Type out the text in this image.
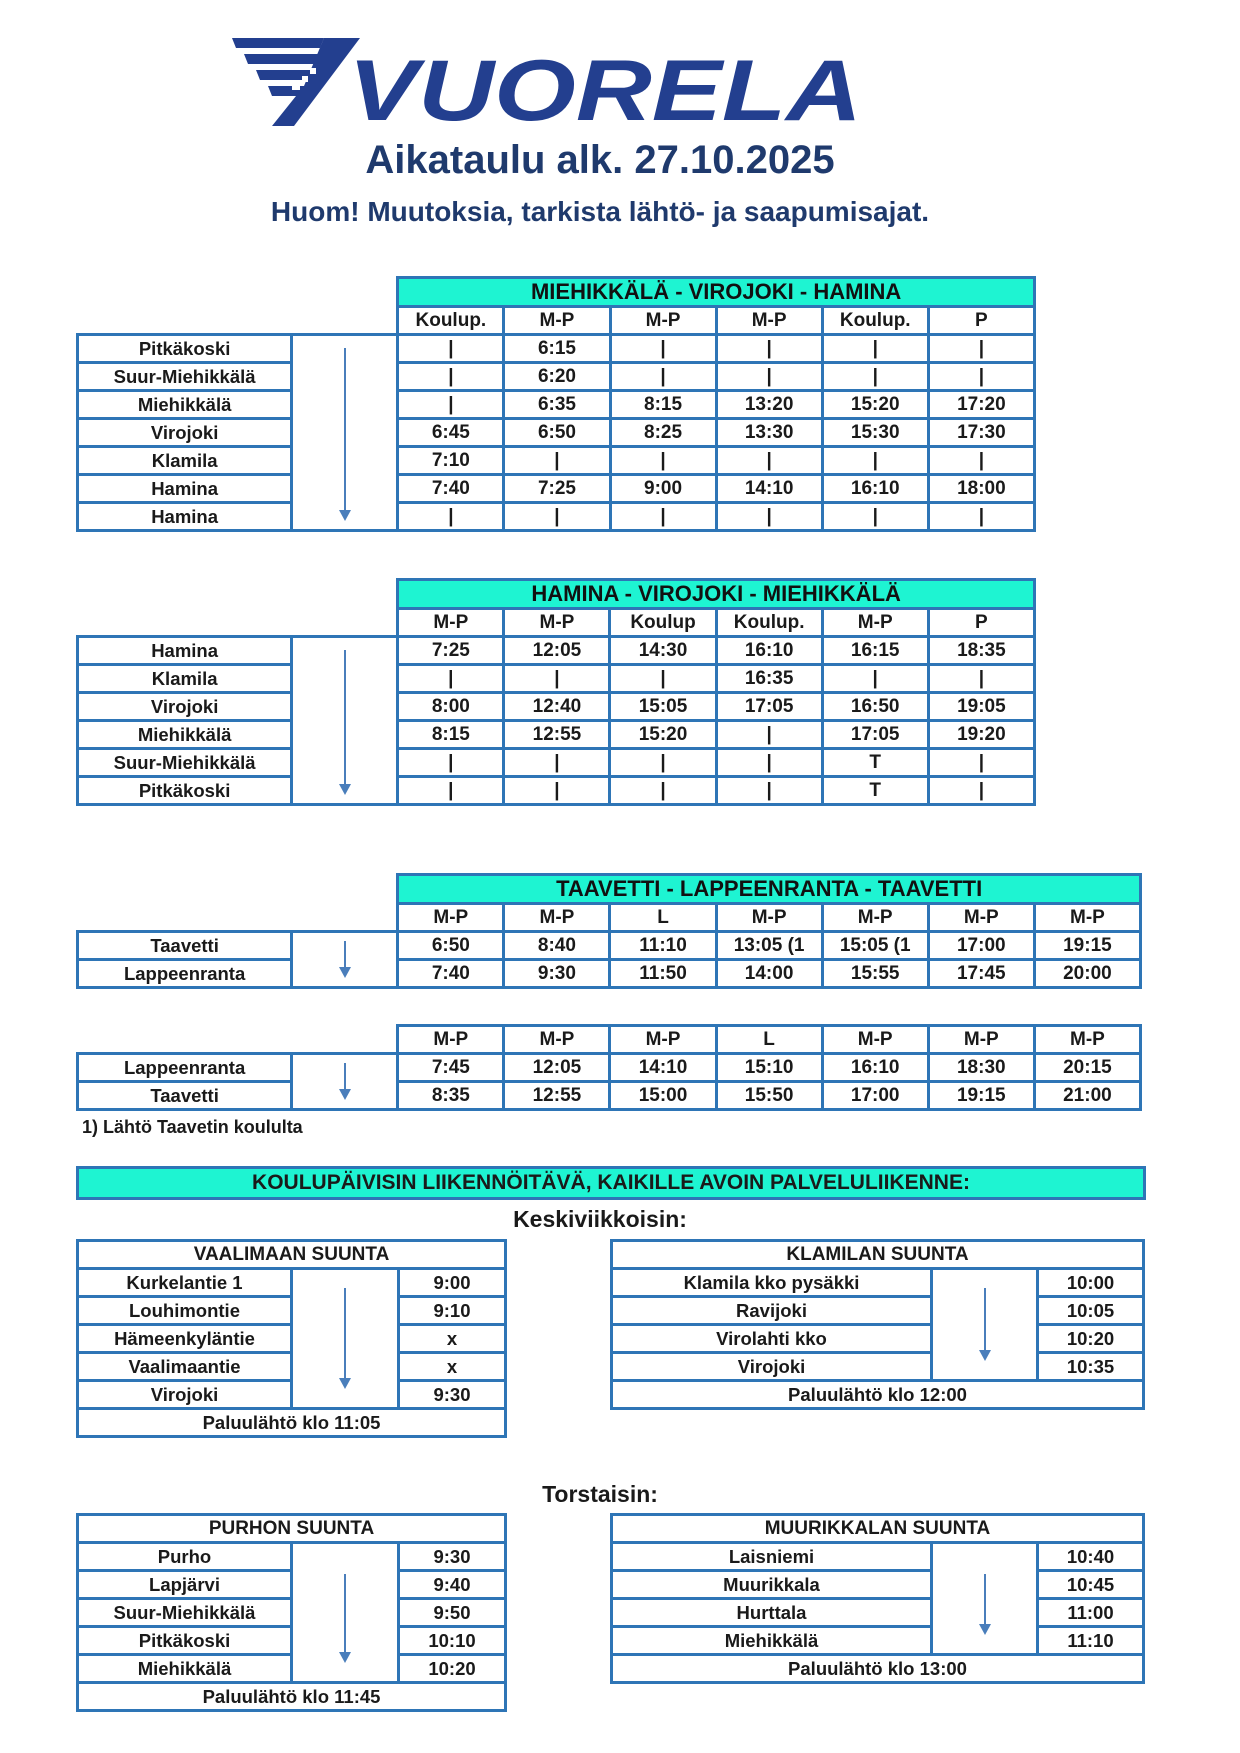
VUORELA
Aikataulu alk. 27.10.2025
Huom! Muutoksia, tarkista lähtö- ja saapumisajat.
		MIEHIKKÄLÄ - VIROJOKI - HAMINA					
		Koulup.	M-P	M-P	M-P	Koulup.	P
Pitkäkoski		|	6:15	|	|	|	|
Suur-Miehikkälä		|	6:20	|	|	|	|
Miehikkälä		|	6:35	8:15	13:20	15:20	17:20
Virojoki		6:45	6:50	8:25	13:30	15:30	17:30
Klamila		7:10	|	|	|	|	|
Hamina		7:40	7:25	9:00	14:10	16:10	18:00
Hamina		|	|	|	|	|	|
		HAMINA - VIROJOKI - MIEHIKKÄLÄ					
		M-P	M-P	Koulup	Koulup.	M-P	P
Hamina		7:25	12:05	14:30	16:10	16:15	18:35
Klamila		|	|	|	16:35	|	|
Virojoki		8:00	12:40	15:05	17:05	16:50	19:05
Miehikkälä		8:15	12:55	15:20	|	17:05	19:20
Suur-Miehikkälä		|	|	|	|	T	|
Pitkäkoski		|	|	|	|	T	|
		TAAVETTI - LAPPEENRANTA - TAAVETTI						
		M-P	M-P	L	M-P	M-P	M-P	M-P
Taavetti		6:50	8:40	11:10	13:05 (1	15:05 (1	17:00	19:15
Lappeenranta		7:40	9:30	11:50	14:00	15:55	17:45	20:00
		M-P	M-P	M-P	L	M-P	M-P	M-P
Lappeenranta		7:45	12:05	14:10	15:10	16:10	18:30	20:15
Taavetti		8:35	12:55	15:00	15:50	17:00	19:15	21:00
1) Lähtö Taavetin koululta
KOULUPÄIVISIN LIIKENNÖITÄVÄ, KAIKILLE AVOIN PALVELULIIKENNE:
Keskiviikkoisin:
VAALIMAAN SUUNTA		
Kurkelantie 1		9:00
Louhimontie		9:10
Hämeenkyläntie		x
Vaalimaantie		x
Virojoki		9:30
Paluulähtö klo 11:05		
KLAMILAN SUUNTA		
Klamila kko pysäkki		10:00
Ravijoki		10:05
Virolahti kko		10:20
Virojoki		10:35
Paluulähtö klo 12:00		
Torstaisin:
PURHON SUUNTA		
Purho		9:30
Lapjärvi		9:40
Suur-Miehikkälä		9:50
Pitkäkoski		10:10
Miehikkälä		10:20
Paluulähtö klo 11:45		
MUURIKKALAN SUUNTA		
Laisniemi		10:40
Muurikkala		10:45
Hurttala		11:00
Miehikkälä		11:10
Paluulähtö klo 13:00		
